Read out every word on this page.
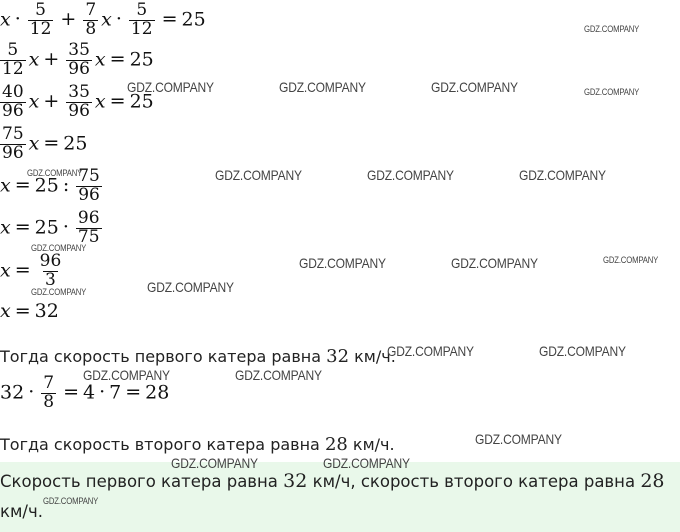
$x \cdot \frac{5}{12} + \frac{7}{8}$ $x \cdot \frac{5}{12} = 25$
$\frac{5}{12}$ $x + \frac{35}{96}$ x = 25
$\frac{40}{96}$ $x + \frac{35}{96}$ x = 25
$\frac{75}{96}$ x = 25
x = 25 : $\frac{75}{96}$
$x = 25 \cdot \frac{96}{75}$
$x = \frac{96}{3}$
x = 32
Тогда скорость первого катера равна 32 км/ч.
$32 \cdot \frac{7}{8} = 4 \cdot 7 = 28$
Тогда скорость второго катера равна 28 км/ч.
Скорость первого катера равна 32 км/ч, скорость второго катера равна 28 км/ч.
GDZ.COMPANY
GDZ.COMPANY	GDZ.COMPANY	GDZ.COMPANY	GDZ.COMPANY
GDZ.COMPANY	GDZ.COMPANY	GDZ.COMPANY	GDZ.COMPANY
GDZ.COMPANY
GDZ.COMPANY	GDZ.COMPANY	GDZ.COMPANY
GDZ.COMPANY	GDZ.COMPANY
GDZ.COMPANY	GDZ.COMPANY
GDZ.COMPANY	GDZ.COMPANY
GDZ.COMPANY
GDZ.COMPANY	GDZ.COMPANY
GDZ.COMPANY
